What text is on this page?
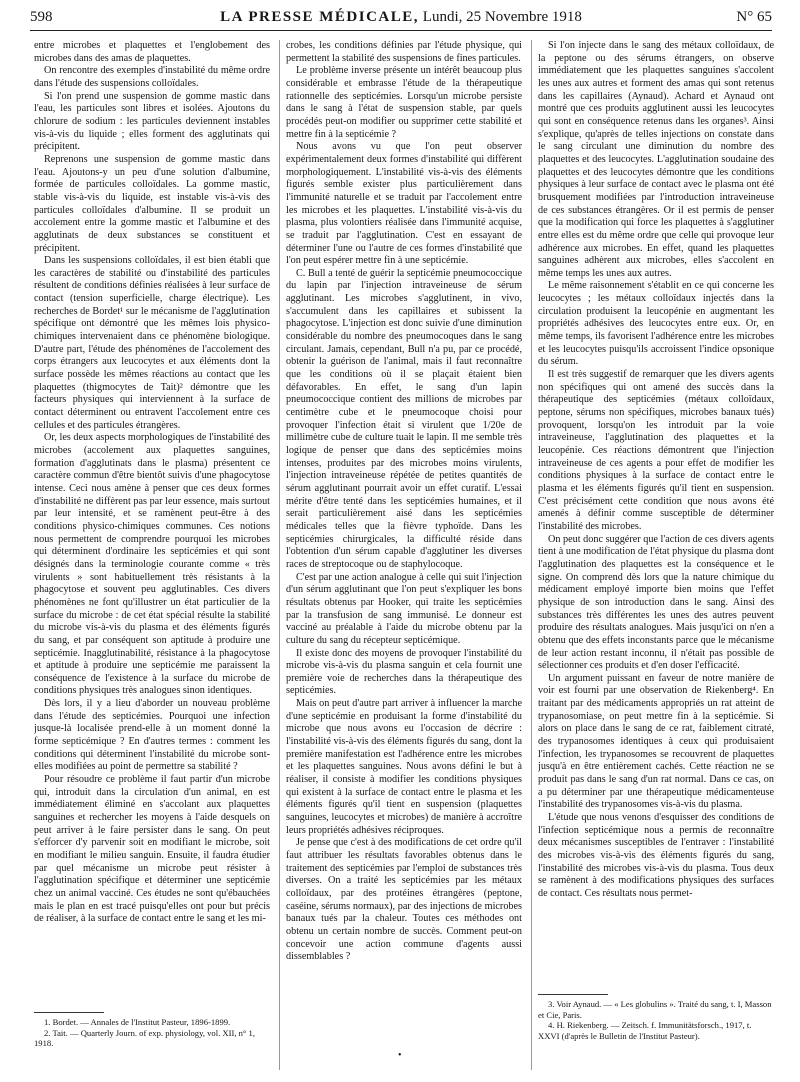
598	LA PRESSE MÉDICALE, Lundi, 25 Novembre 1918	N° 65

entre microbes et plaquettes et l'englobement des microbes dans des amas de plaquettes.

On rencontre des exemples d'instabilité du même ordre dans l'étude des suspensions colloïdales.

Si l'on prend une suspension de gomme mastic dans l'eau, les particules sont libres et isolées. Ajoutons du chlorure de sodium : les particules deviennent instables vis-à-vis du liquide ; elles forment des agglutinats qui précipitent.

Reprenons une suspension de gomme mastic dans l'eau. Ajoutons-y un peu d'une solution d'albumine, formée de particules colloïdales. La gomme mastic, stable vis-à-vis du liquide, est instable vis-à-vis des particules colloïdales d'albumine. Il se produit un accolement entre la gomme mastic et l'albumine et des agglutinats de deux substances se constituent et précipitent.

Dans les suspensions colloïdales, il est bien établi que les caractères de stabilité ou d'instabilité des particules résultent de conditions définies réalisées à leur surface de contact (tension superficielle, charge électrique). Les recherches de Bordet¹ sur le mécanisme de l'agglutination spécifique ont démontré que les mêmes lois physico-chimiques intervenaient dans ce phénomène biologique. D'autre part, l'étude des phénomènes de l'accolement des corps étrangers aux leucocytes et aux éléments dont la surface possède les mêmes réactions au contact que les plaquettes (thigmocytes de Tait)² démontre que les facteurs physiques qui interviennent à la surface de contact déterminent ou entravent l'accolement entre ces cellules et des particules étrangères.

Or, les deux aspects morphologiques de l'instabilité des microbes (accolement aux plaquettes sanguines, formation d'agglutinats dans le plasma) présentent ce caractère commun d'être bientôt suivis d'une phagocytose intense. Ceci nous amène à penser que ces deux formes d'instabilité ne diffèrent pas par leur essence, mais surtout par leur intensité, et se ramènent peut-être à des conditions physico-chimiques communes. Ces notions nous permettent de comprendre pourquoi les microbes qui déterminent d'ordinaire les septicémies et qui sont désignés dans la terminologie courante comme « très virulents » sont habituellement très résistants à la phagocytose et souvent peu agglutinables. Ces divers phénomènes ne font qu'illustrer un état particulier de la surface du microbe : de cet état spécial résulte la stabilité du microbe vis-à-vis du plasma et des éléments figurés du sang, et par conséquent son aptitude à produire une septicémie. Inagglutinabilité, résistance à la phagocytose et aptitude à produire une septicémie me paraissent la conséquence de l'existence à la surface du microbe de conditions physiques très analogues sinon identiques.

Dès lors, il y a lieu d'aborder un nouveau problème dans l'étude des septicémies. Pourquoi une infection jusque-là localisée prend-elle à un moment donné la forme septicémique ? En d'autres termes : comment les conditions qui déterminent l'instabilité du microbe sont-elles modifiées au point de permettre sa stabilité ?

Pour résoudre ce problème il faut partir d'un microbe qui, introduit dans la circulation d'un animal, en est immédiatement éliminé en s'accolant aux plaquettes sanguines et rechercher les moyens à l'aide desquels on peut arriver à le faire persister dans le sang. On peut s'efforcer d'y parvenir soit en modifiant le microbe, soit en modifiant le milieu sanguin. Ensuite, il faudra étudier par quel mécanisme un microbe peut résister à l'agglutination spécifique et déterminer une septicémie chez un animal vacciné. Ces études ne sont qu'ébauchées mais le plan en est tracé puisqu'elles ont pour but précis de réaliser, à la surface de contact entre le sang et les mi-

1. Bordet. — Annales de l'Institut Pasteur, 1896-1899.

2. Tait. — Quarterly Journ. of exp. physiology, vol. XII, n° 1, 1918.

crobes, les conditions définies par l'étude physique, qui permettent la stabilité des suspensions de fines particules.

Le problème inverse présente un intérêt beaucoup plus considérable et embrasse l'étude de la thérapeutique rationnelle des septicémies. Lorsqu'un microbe persiste dans le sang à l'état de suspension stable, par quels procédés peut-on modifier ou supprimer cette stabilité et mettre fin à la septicémie ?

Nous avons vu que l'on peut observer expérimentalement deux formes d'instabilité qui diffèrent morphologiquement. L'instabilité vis-à-vis des éléments figurés semble exister plus particulièrement dans l'immunité naturelle et se traduit par l'accolement entre les microbes et les plaquettes. L'instabilité vis-à-vis du plasma, plus volontiers réalisée dans l'immunité acquise, se traduit par l'agglutination. C'est en essayant de déterminer l'une ou l'autre de ces formes d'instabilité que l'on peut espérer mettre fin à une septicémie.

C. Bull a tenté de guérir la septicémie pneumococcique du lapin par l'injection intraveineuse de sérum agglutinant. Les microbes s'agglutinent, in vivo, s'accumulent dans les capillaires et subissent la phagocytose. L'injection est donc suivie d'une diminution considérable du nombre des pneumocoques dans le sang circulant. Jamais, cependant, Bull n'a pu, par ce procédé, obtenir la guérison de l'animal, mais il faut reconnaître que les conditions où il se plaçait étaient bien défavorables. En effet, le sang d'un lapin pneumococcique contient des millions de microbes par centimètre cube et le pneumocoque choisi pour provoquer l'infection était si virulent que 1/20e de millimètre cube de culture tuait le lapin. Il me semble très logique de penser que dans des septicémies moins intenses, produites par des microbes moins virulents, l'injection intraveineuse répétée de petites quantités de sérum agglutinant pourrait avoir un effet curatif. L'essai mérite d'être tenté dans les septicémies humaines, et il serait particulièrement aisé dans les septicémies médicales telles que la fièvre typhoïde. Dans les septicémies chirurgicales, la difficulté réside dans l'obtention d'un sérum capable d'agglutiner les diverses races de streptocoque ou de staphylocoque.

C'est par une action analogue à celle qui suit l'injection d'un sérum agglutinant que l'on peut s'expliquer les bons résultats obtenus par Hooker, qui traite les septicémies par la transfusion de sang immunisé. Le donneur est vacciné au préalable à l'aide du microbe obtenu par la culture du sang du récepteur septicémique.

Il existe donc des moyens de provoquer l'instabilité du microbe vis-à-vis du plasma sanguin et cela fournit une première voie de recherches dans la thérapeutique des septicémies.

Mais on peut d'autre part arriver à influencer la marche d'une septicémie en produisant la forme d'instabilité du microbe que nous avons eu l'occasion de décrire : l'instabilité vis-à-vis des éléments figurés du sang, dont la première manifestation est l'adhérence entre les microbes et les plaquettes sanguines. Nous avons défini le but à réaliser, il consiste à modifier les conditions physiques qui existent à la surface de contact entre le plasma et les éléments figurés qu'il tient en suspension (plaquettes sanguines, leucocytes et microbes) de manière à accroître leurs propriétés adhésives réciproques.

Je pense que c'est à des modifications de cet ordre qu'il faut attribuer les résultats favorables obtenus dans le traitement des septicémies par l'emploi de substances très diverses. On a traité les septicémies par les métaux colloïdaux, par des protéines étrangères (peptone, caséine, sérums normaux), par des injections de microbes banaux tués par la chaleur. Toutes ces méthodes ont obtenu un certain nombre de succès. Comment peut-on concevoir une action commune d'agents aussi dissemblables ?

Si l'on injecte dans le sang des métaux colloïdaux, de la peptone ou des sérums étrangers, on observe immédiatement que les plaquettes sanguines s'accolent les unes aux autres et forment des amas qui sont retenus dans les capillaires (Aynaud). Achard et Aynaud ont montré que ces produits agglutinent aussi les leucocytes qui sont en conséquence retenus dans les organes³. Ainsi s'explique, qu'après de telles injections on constate dans le sang circulant une diminution du nombre des plaquettes et des leucocytes. L'agglutination soudaine des plaquettes et des leucocytes démontre que les conditions physiques à leur surface de contact avec le plasma ont été brusquement modifiées par l'introduction intraveineuse de ces substances étrangères. Or il est permis de penser que la modification qui force les plaquettes à s'agglutiner entre elles est du même ordre que celle qui provoque leur adhérence aux microbes. En effet, quand les plaquettes sanguines adhèrent aux microbes, elles s'accolent en même temps les unes aux autres.

Le même raisonnement s'établit en ce qui concerne les leucocytes ; les métaux colloïdaux injectés dans la circulation produisent la leucopénie en augmentant les propriétés adhésives des leucocytes entre eux. Or, en même temps, ils favorisent l'adhérence entre les microbes et les leucocytes puisqu'ils accroissent l'indice opsonique du sérum.

Il est très suggestif de remarquer que les divers agents non spécifiques qui ont amené des succès dans la thérapeutique des septicémies (métaux colloïdaux, peptone, sérums non spécifiques, microbes banaux tués) provoquent, lorsqu'on les introduit par la voie intraveineuse, l'agglutination des plaquettes et la leucopénie. Ces réactions démontrent que l'injection intraveineuse de ces agents a pour effet de modifier les conditions physiques à la surface de contact entre le plasma et les éléments figurés qu'il tient en suspension. C'est précisément cette condition que nous avons été amenés à définir comme susceptible de déterminer l'instabilité des microbes.

On peut donc suggérer que l'action de ces divers agents tient à une modification de l'état physique du plasma dont l'agglutination des plaquettes est la conséquence et le signe. On comprend dès lors que la nature chimique du médicament employé importe bien moins que l'effet physique de son introduction dans le sang. Ainsi des substances très différentes les unes des autres peuvent produire des résultats analogues. Mais jusqu'ici on n'en a obtenu que des effets inconstants parce que le mécanisme de leur action restant inconnu, il n'était pas possible de sélectionner ces produits et d'en doser l'efficacité.

Un argument puissant en faveur de notre manière de voir est fourni par une observation de Riekenberg⁴. En traitant par des médicaments appropriés un rat atteint de trypanosomiase, on peut mettre fin à la septicémie. Si alors on place dans le sang de ce rat, faiblement citraté, des trypanosomes identiques à ceux qui produisaient l'infection, les trypanosomes se recouvrent de plaquettes jusqu'à en être entièrement cachés. Cette réaction ne se produit pas dans le sang d'un rat normal. Dans ce cas, on a pu déterminer par une thérapeutique médicamenteuse l'instabilité des trypanosomes vis-à-vis du plasma.

L'étude que nous venons d'esquisser des conditions de l'infection septicémique nous a permis de reconnaître deux mécanismes susceptibles de l'entraver : l'instabilité des microbes vis-à-vis des éléments figurés du sang, l'instabilité des microbes vis-à-vis du plasma. Tous deux se ramènent à des modifications physiques des surfaces de contact. Ces résultats nous permet-

3. Voir Aynaud. — « Les globulins ». Traité du sang, t. I, Masson et Cie, Paris.

4. H. Riekenberg. — Zeitsch. f. Immunitätsforsch., 1917, t. XXVI (d'après le Bulletin de l'Institut Pasteur).

•
